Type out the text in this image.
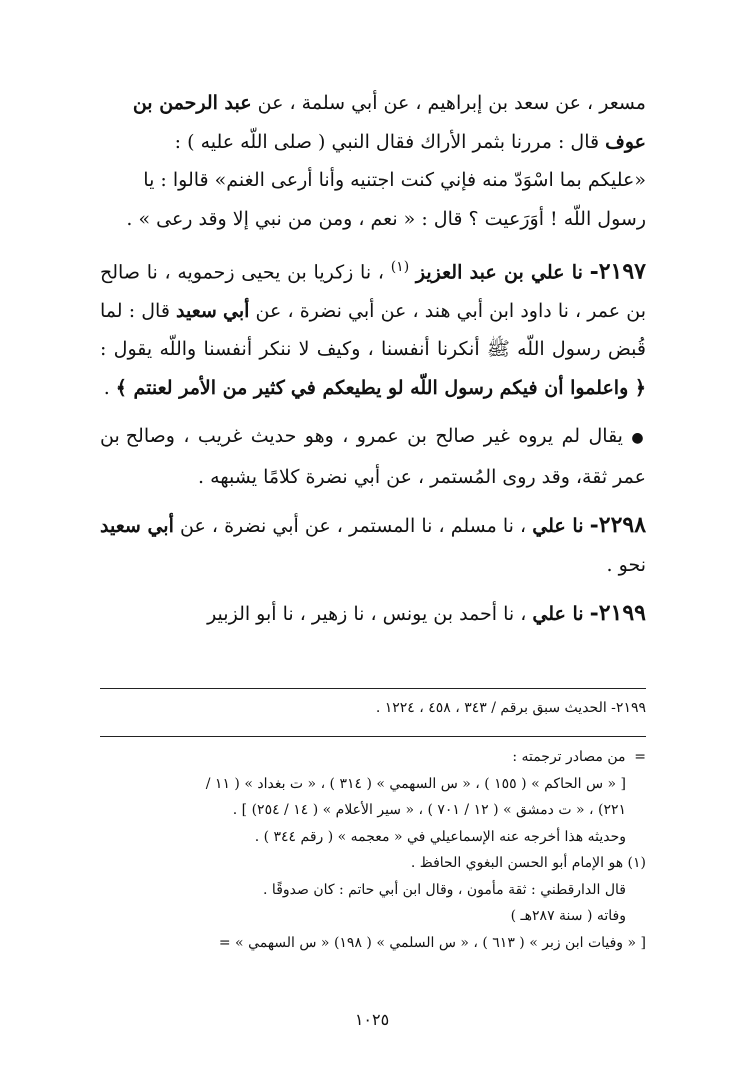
مسعر ، عن سعد بن إبراهيم ، عن أبي سلمة ، عن عبد الرحمن بن

عوف قال : مررنا بثمر الأراك فقال النبي ( صلى اللّه عليه ) :

«عليكم بما اسْوَدّ منه فإني كنت اجتنيه وأنا أرعى الغنم» قالوا : يا

رسول اللّه ! أوَرَعيت ؟ قال : « نعم ، ومن من نبي إلا وقد رعى » .

٢١٩٧- نا علي بن عبد العزيز $^{(١)}$ ، نا زكريا بن يحيى زحمويه ، نا صالح بن عمر ، نا داود ابن أبي هند ، عن أبي نضرة ، عن أبي سعيد قال : لما قُبض رسول اللّه ﷺ أنكرنا أنفسنا ، وكيف لا ننكر أنفسنا واللّه يقول : ﴿ واعلموا أن فيكم رسول اللّه لو يطيعكم في كثير من الأمر لعنتم ﴾ .

● يقال لم يروه غير صالح بن عمرو ، وهو حديث غريب ، وصالح بن عمر ثقة، وقد روى المُستمر ، عن أبي نضرة كلامًا يشبهه .

٢٢٩٨- نا علي ، نا مسلم ، نا المستمر ، عن أبي نضرة ، عن أبي سعيد نحو .

٢١٩٩- نا علي ، نا أحمد بن يونس ، نا زهير ، نا أبو الزبير

٢١٩٩- الحديث سبق برقم / ٣٤٣ ، ٤٥٨ ، ١٢٢٤ .

= من مصادر ترجمته :

[ « س الحاكم » ( ١٥٥ ) ، « س السهمي » ( ٣١٤ ) ، « ت بغداد » ( ١١ /

٢٢١) ، « ت دمشق » ( ١٢ / ٧٠١ ) ، « سير الأعلام » ( ١٤ / ٢٥٤) ] .

وحديثه هذا أخرجه عنه الإسماعيلي في « معجمه » ( رقم ٣٤٤ ) .

(١) هو الإمام أبو الحسن البغوي الحافظ .

قال الدارقطني : ثقة مأمون ، وقال ابن أبي حاتم : كان صدوقًا .

وفاته ( سنة ٢٨٧هـ )

[ « وفيات ابن زبر » ( ٦١٣ ) ، « س السلمي » ( ١٩٨) « س السهمي » =

١٠٢٥
